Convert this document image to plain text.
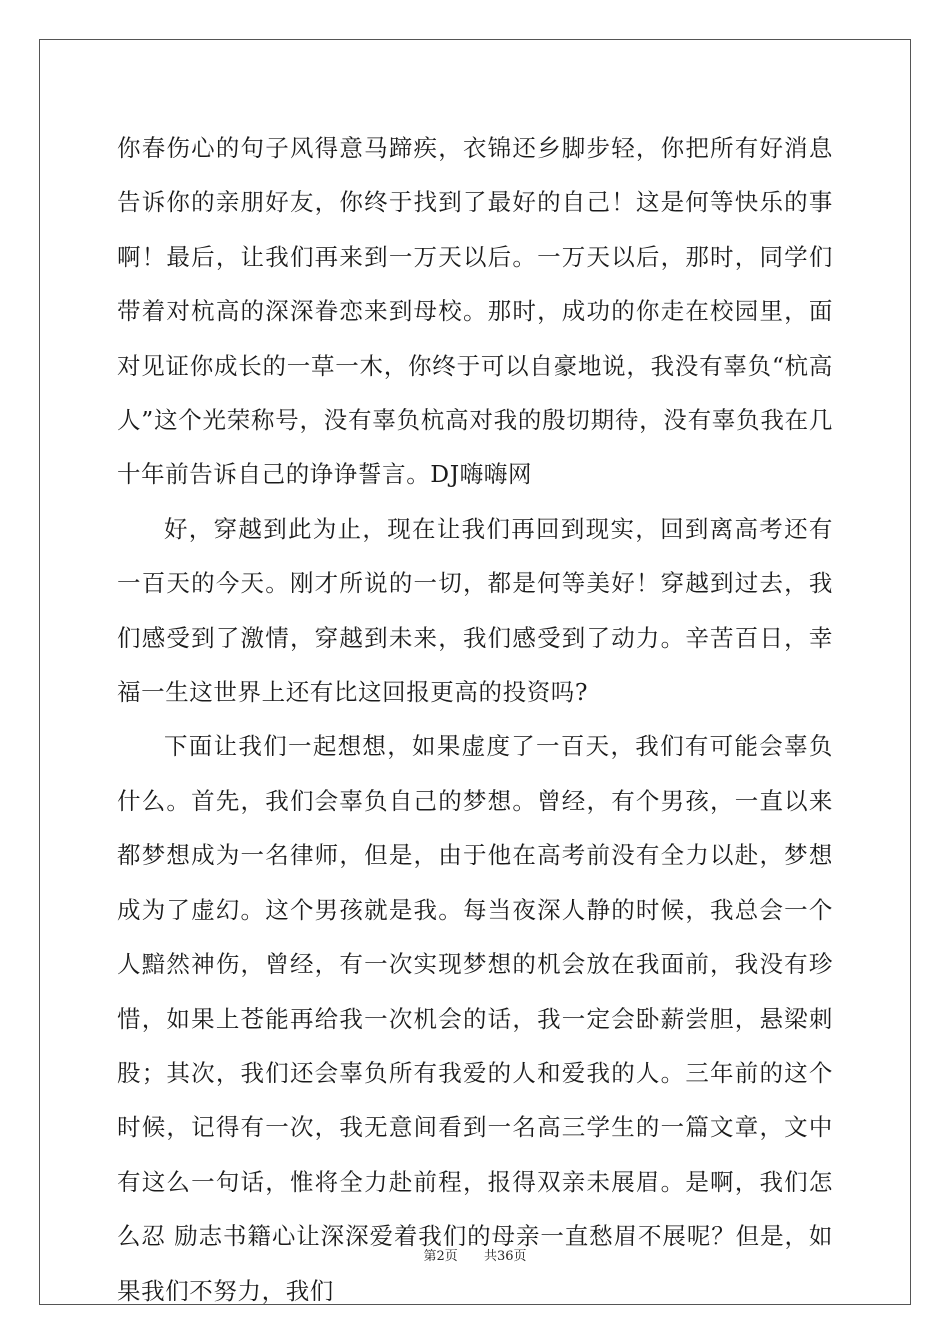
你春伤心的句子风得意马蹄疾，衣锦还乡脚步轻，你把所有好消息告诉你的亲朋好友，你终于找到了最好的自己！这是何等快乐的事啊！最后，让我们再来到一万天以后。一万天以后，那时，同学们带着对杭高的深深眷恋来到母校。那时，成功的你走在校园里，面对见证你成长的一草一木，你终于可以自豪地说，我没有辜负“杭高人”这个光荣称号，没有辜负杭高对我的殷切期待，没有辜负我在几十年前告诉自己的诤诤誓言。DJ嗨嗨网

好，穿越到此为止，现在让我们再回到现实，回到离高考还有一百天的今天。刚才所说的一切，都是何等美好！穿越到过去，我们感受到了激情，穿越到未来，我们感受到了动力。辛苦百日，幸福一生这世界上还有比这回报更高的投资吗?

下面让我们一起想想，如果虚度了一百天，我们有可能会辜负什么。首先，我们会辜负自己的梦想。曾经，有个男孩，一直以来都梦想成为一名律师，但是，由于他在高考前没有全力以赴，梦想成为了虚幻。这个男孩就是我。每当夜深人静的时候，我总会一个人黯然神伤，曾经，有一次实现梦想的机会放在我面前，我没有珍惜，如果上苍能再给我一次机会的话，我一定会卧薪尝胆，悬梁刺股；其次，我们还会辜负所有我爱的人和爱我的人。三年前的这个时候，记得有一次，我无意间看到一名高三学生的一篇文章，文中有这么一句话，惟将全力赴前程，报得双亲未展眉。是啊，我们怎么忍 励志书籍心让深深爱着我们的母亲一直愁眉不展呢？但是，如果我们不努力，我们

第2页 共36页
